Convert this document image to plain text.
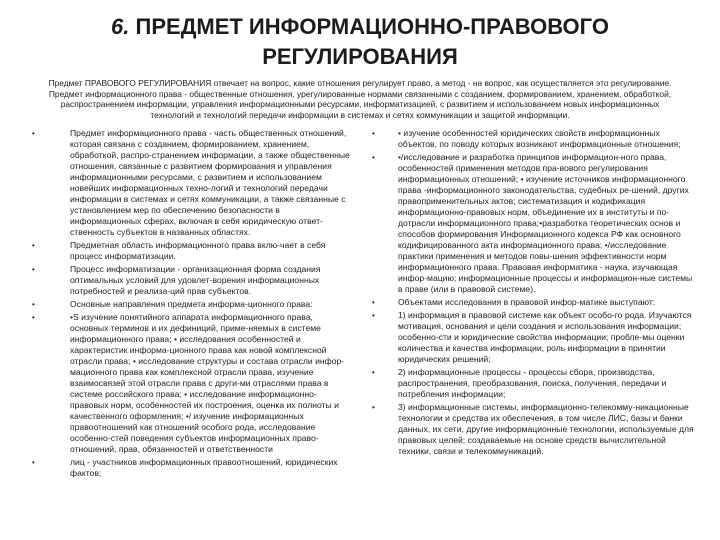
6. ПРЕДМЕТ ИНФОРМАЦИОННО-ПРАВОВОГО РЕГУЛИРОВАНИЯ

Предмет ПРАВОВОГО РЕГУЛИРОВАНИЯ отвечает на вопрос, какие отношения регулирует право, а метод - на вопрос, как осуществляется это регулирование. Предмет информационного права - общественные отношения, урегулированные нормами связанными с созданием, формированием, хранением, обработкой, распространением информации, управления информационными ресурсами, информатизацией, с развитием и использованием новых информационных технологий и технологий передачи информации в системах и сетях коммуникации и защитой информации.

•	Предмет информационного права - часть общественных отношений, которая связана с созданием, формированием, хранением, обработкой, распро-странением информации, а также общественные отношения, связанные с развитием формирования и управления информационными ресурсами, с развитием и использованием новейших информационных техно-логий и технологий передачи информации в системах и сетях коммуникации, а также связанные с установлением мер по обеспечению безопасности в информационных сферах, включая в себя юридическую ответ-ственность субъектов в названных областях.
•	Предметная область информационного права вклю-чает в себя процесс информатизации.
•	Процесс информатизации - организационная форма создания оптимальных условий для удовлет-ворения информационных потребностей и реализа-ций прав субъектов.
•	Основные направления предмета информа-ционного права:
•	•S изучение понятийного аппарата информационного права, основных терминов и их дефиниций, приме-няемых в системе информационного права; • исследования особенностей и характеристик информа-ционного права как новой комплексной отрасли права; • исследование структуры и состава отрасли инфор-мационного права как комплексной отрасли права, изучение взаимосвязей этой отрасли права с други-ми отраслями права в системе российского права; • исследование информационно-правовых норм, особенностей их построения, оценка их полноты и качественного оформления; •/ изучение информационных правоотношений как отношений особого рода, исследование особенно-стей поведения субъектов информационных право-отношений, прав, обязанностей и ответственности
•	лиц - участников информационных правоотношений, юридических фактов;
•	• изучение особенностей юридических свойств информационных объектов, по поводу которых возникают информационные отношения;
•	•/исследование и разработка принципов информацион-ного права, особенностей применения методов пра-вового регулирования информационных отношений; • изучение источников информационного права -информационного законодательства, судебных ре-шений, других правоприменительных актов; систематизация и кодификация информационно-правовых норм, объединение их в институты и по-дотрасли информационного права;•разработка теоретических основ и способов формирования Информационного кодекса РФ как основного кодифицированного акта информационного права; •/исследование практики применения и методов повы-шения эффективности норм информационного права. Правовая информатика - наука, изучающая инфор-мацию; информационные процессы и информацион-ные системы в праве (или в правовой системе).
•	Объектами исследования в правовой инфор-матике выступают:
•	1) информация в правовой системе как объект особо-го рода. Изучаются мотивация, основания и цели создания и использования информации; особенно-сти и юридические свойства информации; пробле-мы оценки количества и качества информации, роль информации в принятии юридических решений;
•	2) информационные процессы - процессы сбора, производства, распространения, преобразования, поиска, получения, передачи и потребления информации;
•	3) информационные системы, информационно-телекомму-никационные технологии и средства их обеспечения, в том числе ЛИС, базы и банки данных, их сети, другие информационные технологии, используемые для правовых целей; создаваемые на основе средств вычислительной техники, связи и телекоммуникаций.
